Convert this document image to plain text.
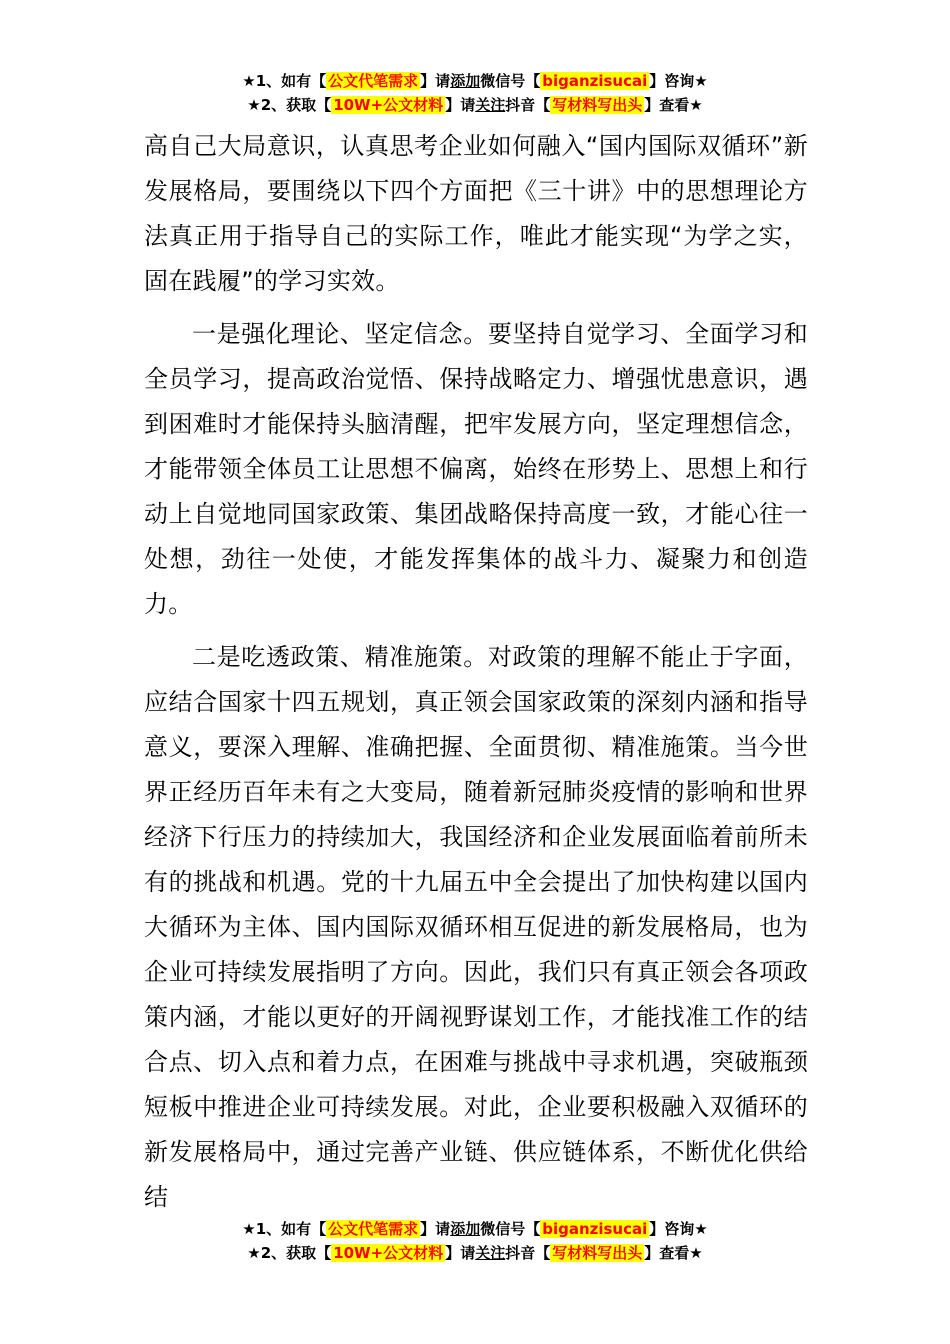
★1、如有【 公文代笔需求 】请添加微信号【 biganzisucai 】咨询★
★2、获取【 10W+公文材料 】请关注抖音【 写材料写出头 】查看★

高自己大局意识，认真思考企业如何融入“国内国际双循环”新发展格局，要围绕以下四个方面把《三十讲》中的思想理论方法真正用于指导自己的实际工作，唯此才能实现“为学之实，固在践履”的学习实效。

一是强化理论、坚定信念。要坚持自觉学习、全面学习和全员学习，提高政治觉悟、保持战略定力、增强忧患意识，遇到困难时才能保持头脑清醒，把牢发展方向，坚定理想信念，才能带领全体员工让思想不偏离，始终在形势上、思想上和行动上自觉地同国家政策、集团战略保持高度一致，才能心往一处想，劲往一处使，才能发挥集体的战斗力、凝聚力和创造力。

二是吃透政策、精准施策。对政策的理解不能止于字面，应结合国家十四五规划，真正领会国家政策的深刻内涵和指导意义，要深入理解、准确把握、全面贯彻、精准施策。当今世界正经历百年未有之大变局，随着新冠肺炎疫情的影响和世界经济下行压力的持续加大，我国经济和企业发展面临着前所未有的挑战和机遇。党的十九届五中全会提出了加快构建以国内大循环为主体、国内国际双循环相互促进的新发展格局，也为企业可持续发展指明了方向。因此，我们只有真正领会各项政策内涵，才能以更好的开阔视野谋划工作，才能找准工作的结合点、切入点和着力点，在困难与挑战中寻求机遇，突破瓶颈短板中推进企业可持续发展。对此，企业要积极融入双循环的新发展格局中，通过完善产业链、供应链体系，不断优化供给结

★1、如有【 公文代笔需求 】请添加微信号【 biganzisucai 】咨询★
★2、获取【 10W+公文材料 】请关注抖音【 写材料写出头 】查看★
